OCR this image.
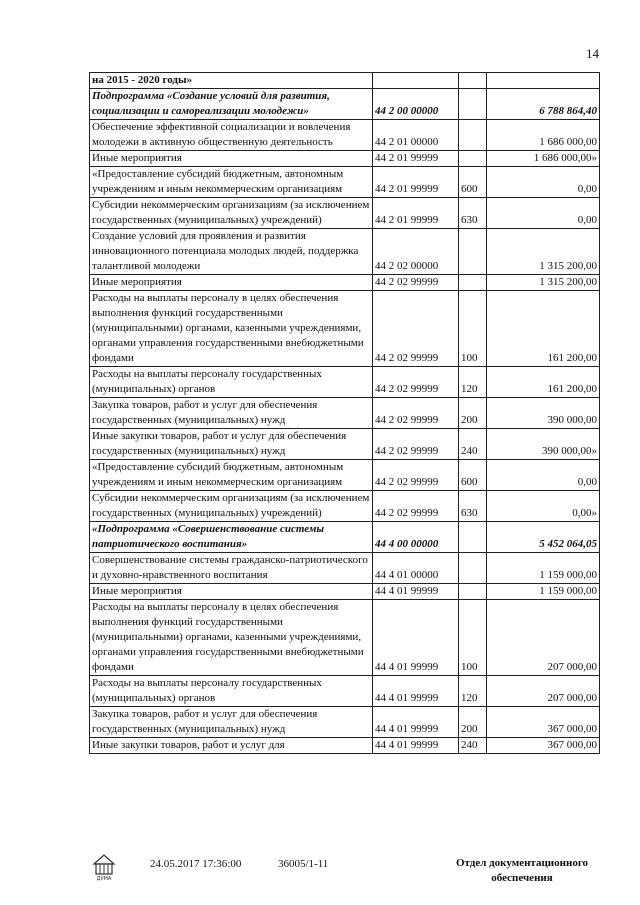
14
на 2015 - 2020 годы»			
Подпрограмма «Создание условий для развития, социализации и самореализации молодежи»	44 2 00 00000		6 788 864,40
Обеспечение эффективной социализации и вовлечения молодежи в активную общественную деятельность	44 2 01 00000		1 686 000,00
Иные мероприятия	44 2 01 99999		1 686 000,00»
«Предоставление субсидий бюджетным, автономным учреждениям и иным некоммерческим организациям	44 2 01 99999	600	0,00
Субсидии некоммерческим организациям (за исключением государственных (муниципальных) учреждений)	44 2 01 99999	630	0,00
Создание условий для проявления и развития инновационного потенциала молодых людей, поддержка талантливой молодежи	44 2 02 00000		1 315 200,00
Иные мероприятия	44 2 02 99999		1 315 200,00
Расходы на выплаты персоналу в целях обеспечения выполнения функций государственными (муниципальными) органами, казенными учреждениями, органами управления государственными внебюджетными фондами	44 2 02 99999	100	161 200,00
Расходы на выплаты персоналу государственных (муниципальных) органов	44 2 02 99999	120	161 200,00
Закупка товаров, работ и услуг для обеспечения государственных (муниципальных) нужд	44 2 02 99999	200	390 000,00
Иные закупки товаров, работ и услуг для обеспечения государственных (муниципальных) нужд	44 2 02 99999	240	390 000,00»
«Предоставление субсидий бюджетным, автономным учреждениям и иным некоммерческим организациям	44 2 02 99999	600	0,00
Субсидии некоммерческим организациям (за исключением государственных (муниципальных) учреждений)	44 2 02 99999	630	0,00»
«Подпрограмма «Совершенствование системы патриотического воспитания»	44 4 00 00000		5 452 064,05
Совершенствование системы гражданско-патриотического и духовно-нравственного воспитания	44 4 01 00000		1 159 000,00
Иные мероприятия	44 4 01 99999		1 159 000,00
Расходы на выплаты персоналу в целях обеспечения выполнения функций государственными (муниципальными) органами, казенными учреждениями, органами управления государственными внебюджетными фондами	44 4 01 99999	100	207 000,00
Расходы на выплаты персоналу государственных (муниципальных) органов	44 4 01 99999	120	207 000,00
Закупка товаров, работ и услуг для обеспечения государственных (муниципальных) нужд	44 4 01 99999	200	367 000,00
Иные закупки товаров, работ и услуг для	44 4 01 99999	240	367 000,00
ДУМА
24.05.2017 17:36:00	36005/1-11	Отдел документационного
обеспечения
